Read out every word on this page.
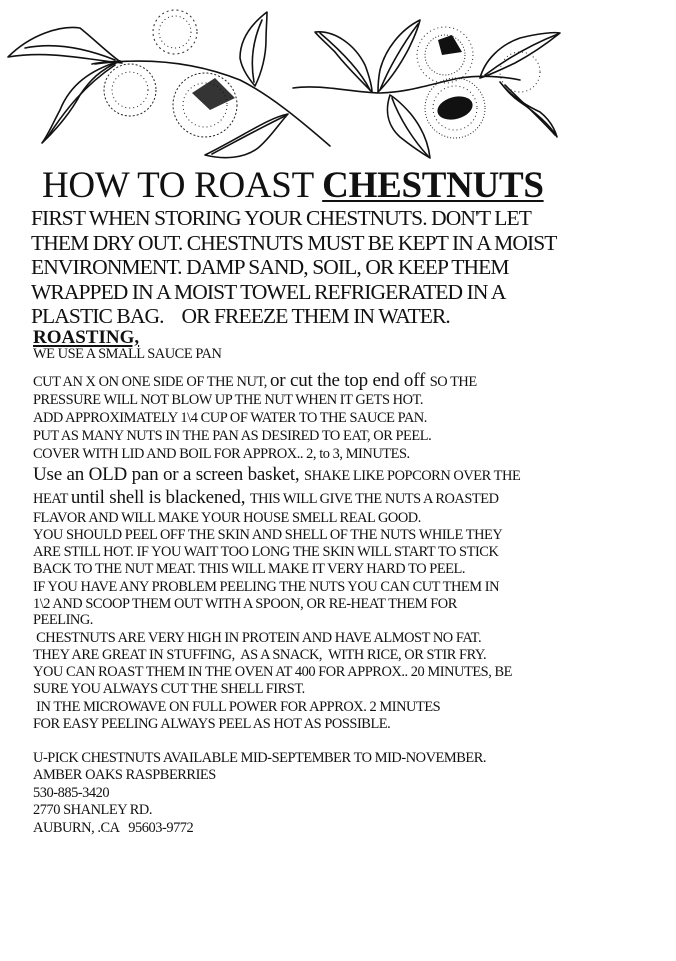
HOW TO ROAST CHESTNUTS
FIRST WHEN STORING YOUR CHESTNUTS. DON'T LET
THEM DRY OUT. CHESTNUTS MUST BE KEPT IN A MOIST
ENVIRONMENT. DAMP SAND, SOIL, OR KEEP THEM
WRAPPED IN A MOIST TOWEL REFRIGERATED IN A
PLASTIC BAG.    OR FREEZE THEM IN WATER.
ROASTING,
WE USE A SMALL SAUCE PAN
CUT AN X ON ONE SIDE OF THE NUT, or cut the top end off SO THE
PRESSURE WILL NOT BLOW UP THE NUT WHEN IT GETS HOT.
ADD APPROXIMATELY 1\4 CUP OF WATER TO THE SAUCE PAN.
PUT AS MANY NUTS IN THE PAN AS DESIRED TO EAT, OR PEEL.
COVER WITH LID AND BOIL FOR APPROX.. 2, to 3, MINUTES.
Use an OLD pan or a screen basket, SHAKE LIKE POPCORN OVER THE
HEAT until shell is blackened, THIS WILL GIVE THE NUTS A ROASTED
FLAVOR AND WILL MAKE YOUR HOUSE SMELL REAL GOOD.
YOU SHOULD PEEL OFF THE SKIN AND SHELL OF THE NUTS WHILE THEY
ARE STILL HOT. IF YOU WAIT TOO LONG THE SKIN WILL START TO STICK
BACK TO THE NUT MEAT. THIS WILL MAKE IT VERY HARD TO PEEL.
IF YOU HAVE ANY PROBLEM PEELING THE NUTS YOU CAN CUT THEM IN
1\2 AND SCOOP THEM OUT WITH A SPOON, OR RE-HEAT THEM FOR
PEELING.
CHESTNUTS ARE VERY HIGH IN PROTEIN AND HAVE ALMOST NO FAT.
THEY ARE GREAT IN STUFFING,  AS A SNACK,  WITH RICE, OR STIR FRY.
YOU CAN ROAST THEM IN THE OVEN AT 400 FOR APPROX.. 20 MINUTES, BE
SURE YOU ALWAYS CUT THE SHELL FIRST.
IN THE MICROWAVE ON FULL POWER FOR APPROX. 2 MINUTES
FOR EASY PEELING ALWAYS PEEL AS HOT AS POSSIBLE.
U-PICK CHESTNUTS AVAILABLE MID-SEPTEMBER TO MID-NOVEMBER.
AMBER OAKS RASPBERRIES
530-885-3420
2770 SHANLEY RD.
AUBURN, .CA   95603-9772
